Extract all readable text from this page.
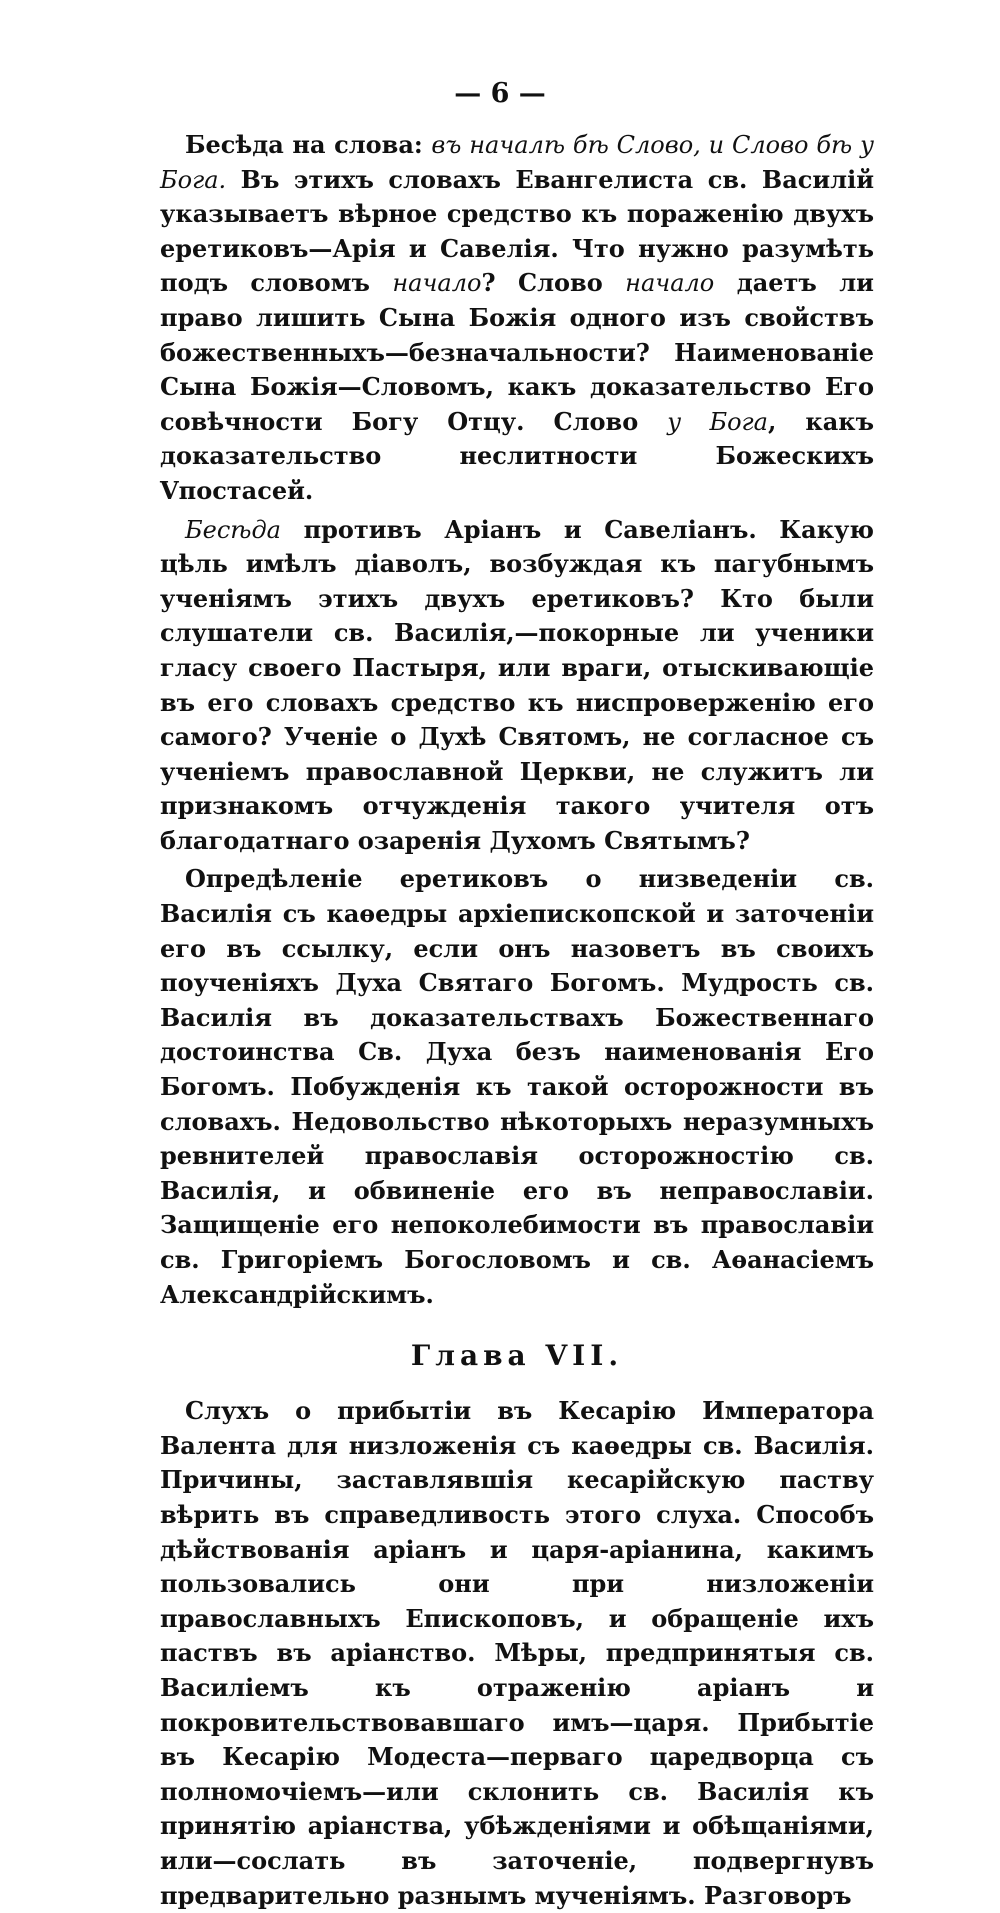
— 6 —

Бесѣда на слова: въ началѣ бѣ Слово, и Слово бѣ у Бога. Въ этихъ словахъ Евангелиста св. Василій указываетъ вѣрное средство къ пораженію двухъ еретиковъ—Арія и Савелія. Что нужно разумѣть подъ словомъ начало? Слово начало даетъ ли право лишить Сына Божія одного изъ свойствъ божественныхъ—безначальности? Наименованіе Сына Божія—Словомъ, какъ доказательство Его совѣчности Богу Отцу. Слово у Бога, какъ доказательство неслитности Божескихъ Vпостасей.

Бесѣда противъ Аріанъ и Савеліанъ. Какую цѣль имѣлъ діаволъ, возбуждая къ пагубнымъ ученіямъ этихъ двухъ еретиковъ? Кто были слушатели св. Василія,—покорные ли ученики гласу своего Пастыря, или враги, отыскивающіе въ его словахъ средство къ ниспроверженію его самого? Ученіе о Духѣ Святомъ, не согласное съ ученіемъ православной Церкви, не служитъ ли признакомъ отчужденія такого учителя отъ благодатнаго озаренія Духомъ Святымъ?

Опредѣленіе еретиковъ о низведеніи св. Василія съ каѳедры архіепископской и заточеніи его въ ссылку, если онъ назоветъ въ своихъ поученіяхъ Духа Святаго Богомъ. Мудрость св. Василія въ доказательствахъ Божественнаго достоинства Св. Духа безъ наименованія Его Богомъ. Побужденія къ такой осторожности въ словахъ. Недовольство нѣкоторыхъ неразумныхъ ревнителей православія осторожностію св. Василія, и обвиненіе его въ неправославіи. Защищеніе его непоколебимости въ православіи св. Григоріемъ Богословомъ и св. Аѳанасіемъ Александрійскимъ.

Глава VII.

Слухъ о прибытіи въ Кесарію Императора Валента для низложенія съ каѳедры св. Василія. Причины, заставлявшія кесарійскую паству вѣрить въ справедливость этого слуха. Способъ дѣйствованія аріанъ и царя-аріанина, какимъ пользовались они при низложеніи православныхъ Епископовъ, и обращеніе ихъ паствъ въ аріанство. Мѣры, предпринятыя св. Василіемъ къ отраженію аріанъ и покровительствовавшаго имъ—царя. Прибытіе въ Кесарію Модеста—перваго царедворца съ полномочіемъ—или склонить св. Василія къ принятію аріанства, убѣжденіями и обѣщаніями, или—сослать въ заточеніе, подвергнувъ предварительно разнымъ мученіямъ. Разговоръ
